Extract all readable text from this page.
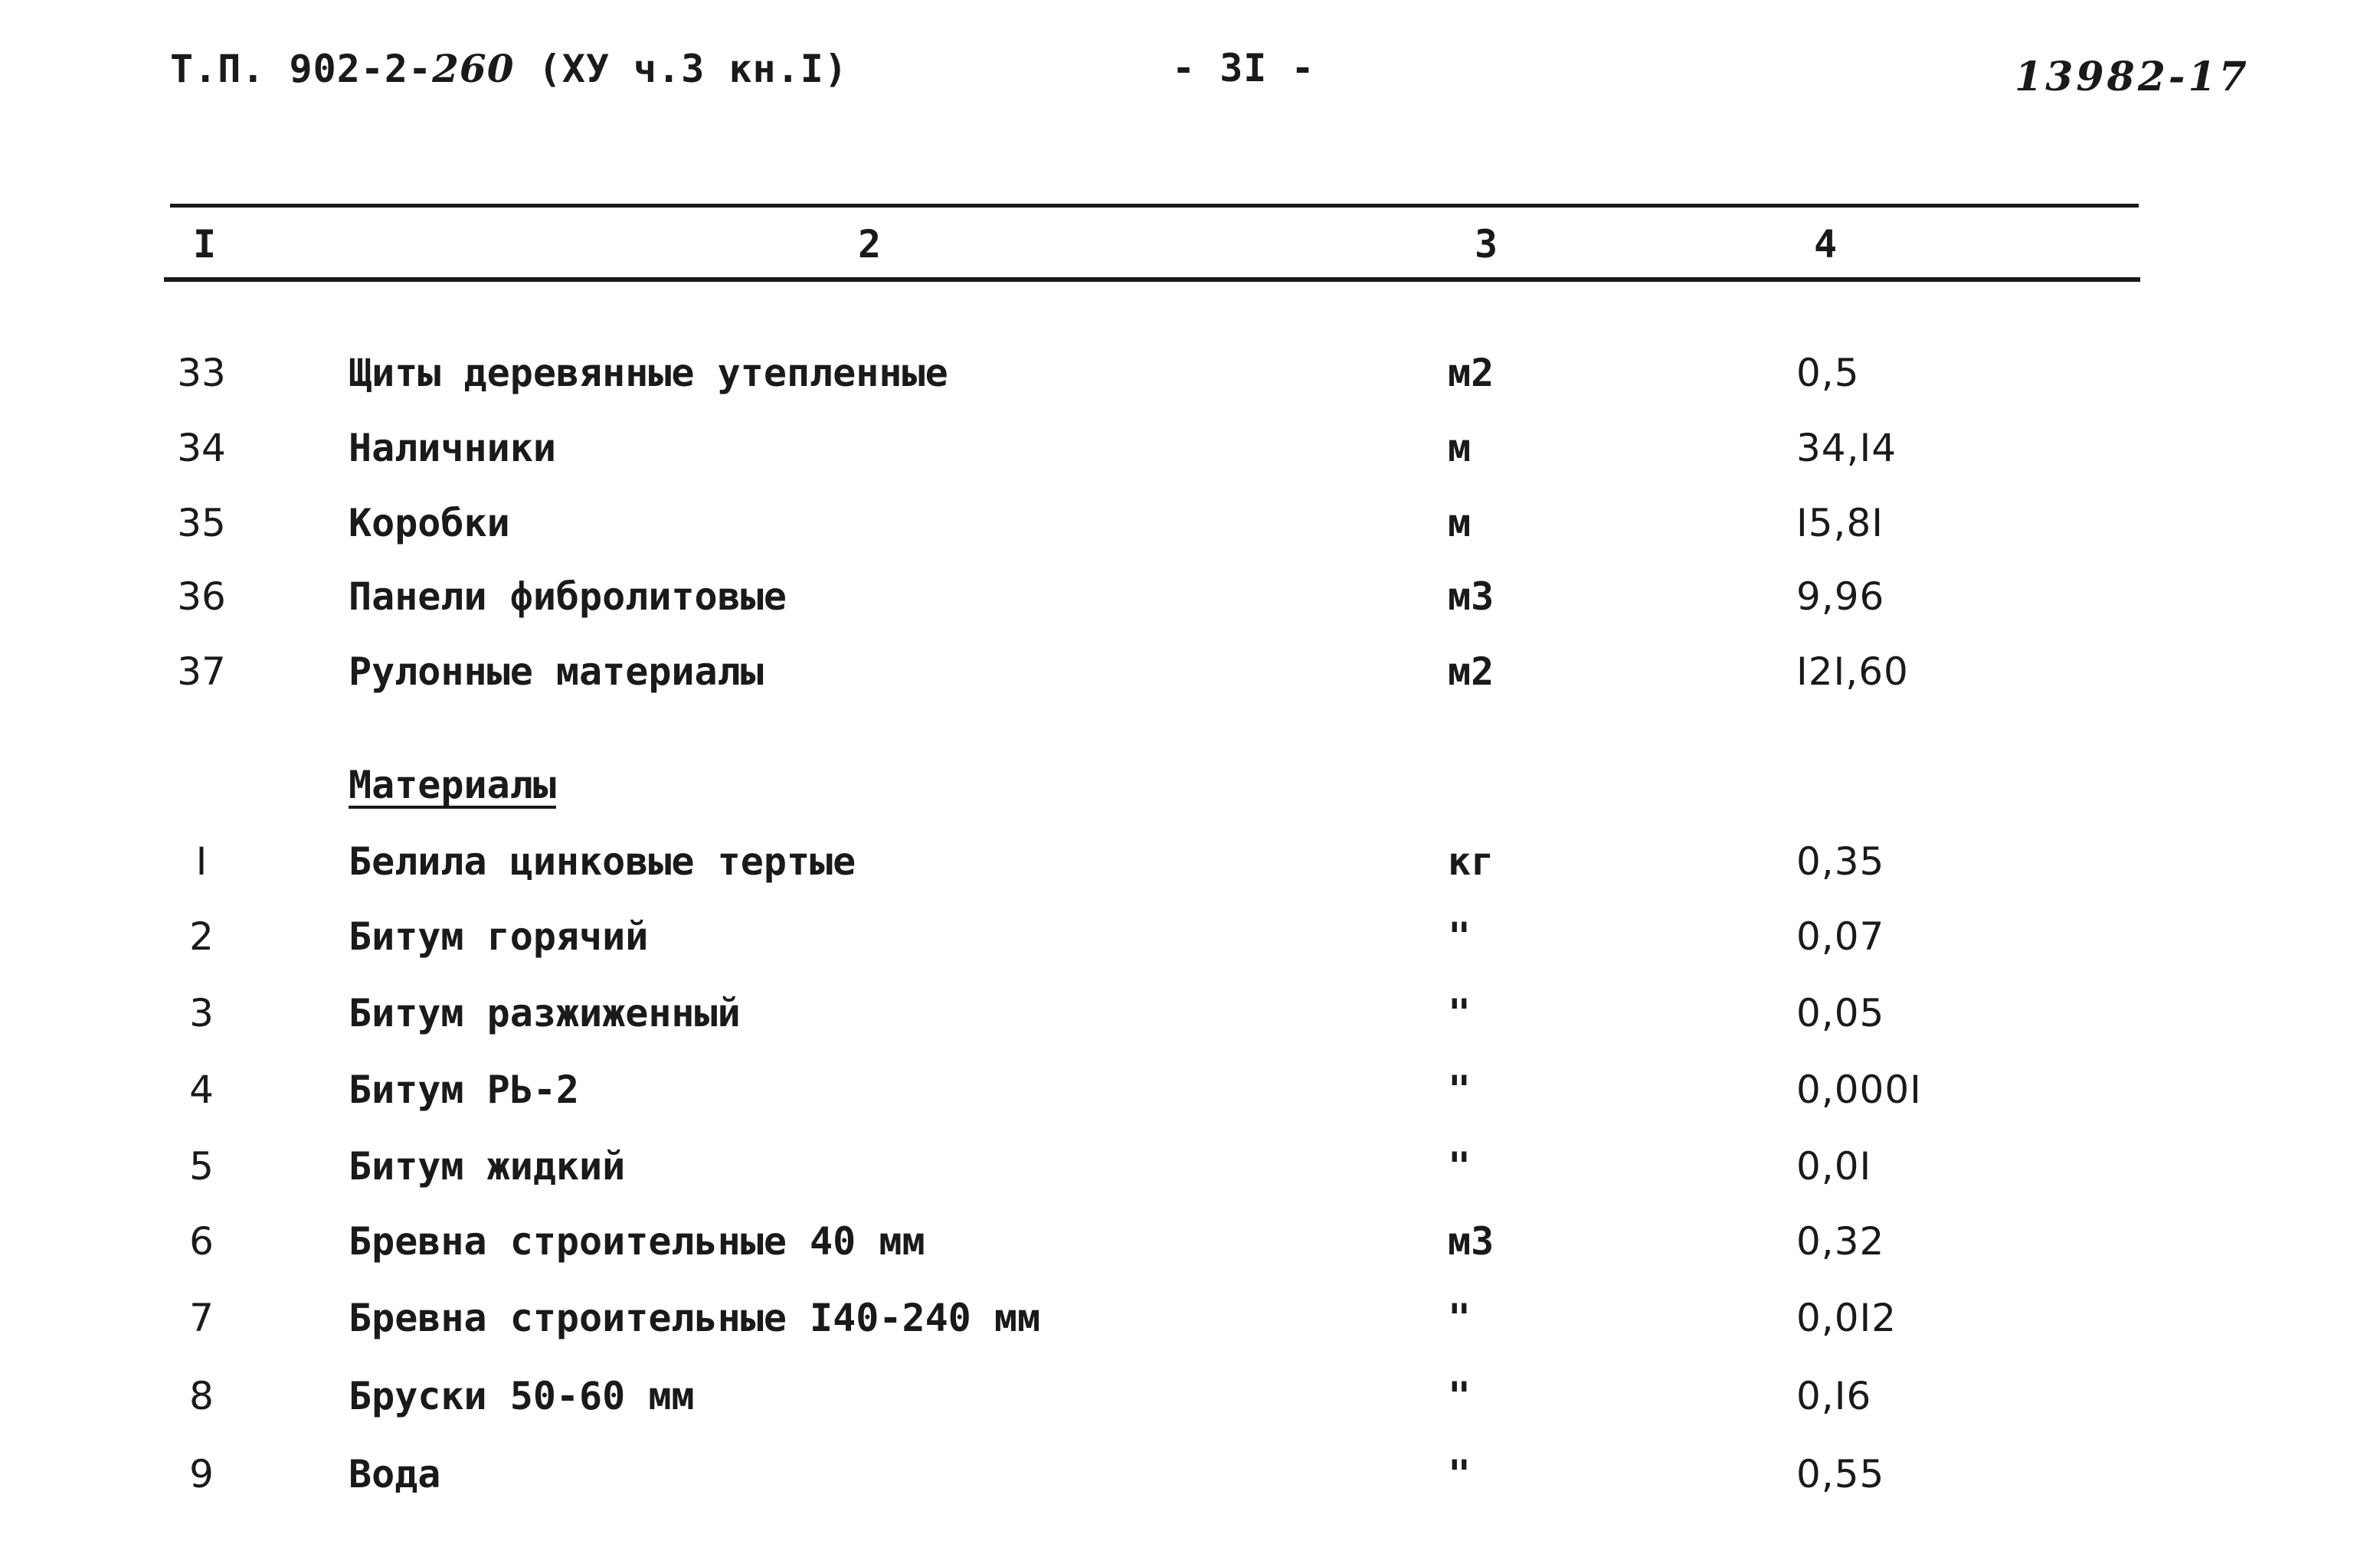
Т.П. 902-2-260 (ХУ ч.3 кн.I)	- 3I -	13982-17
I	2	3	4
33	Щиты деревянные утепленные	м2	0,5
34	Наличники	м	34,I4
35	Коробки	м	I5,8I
36	Панели фибролитовые	м3	9,96
37	Рулонные материалы	м2	I2I,60
Материалы
I	Белила цинковые тертые	кг	0,35
2	Битум горячий	"	0,07
3	Битум разжиженный	"	0,05
4	Битум РЬ-2	"	0,000I
5	Битум жидкий	"	0,0I
6	Бревна строительные 40 мм	м3	0,32
7	Бревна строительные I40-240 мм	"	0,0I2
8	Бруски 50-60 мм	"	0,I6
9	Вода	"	0,55
